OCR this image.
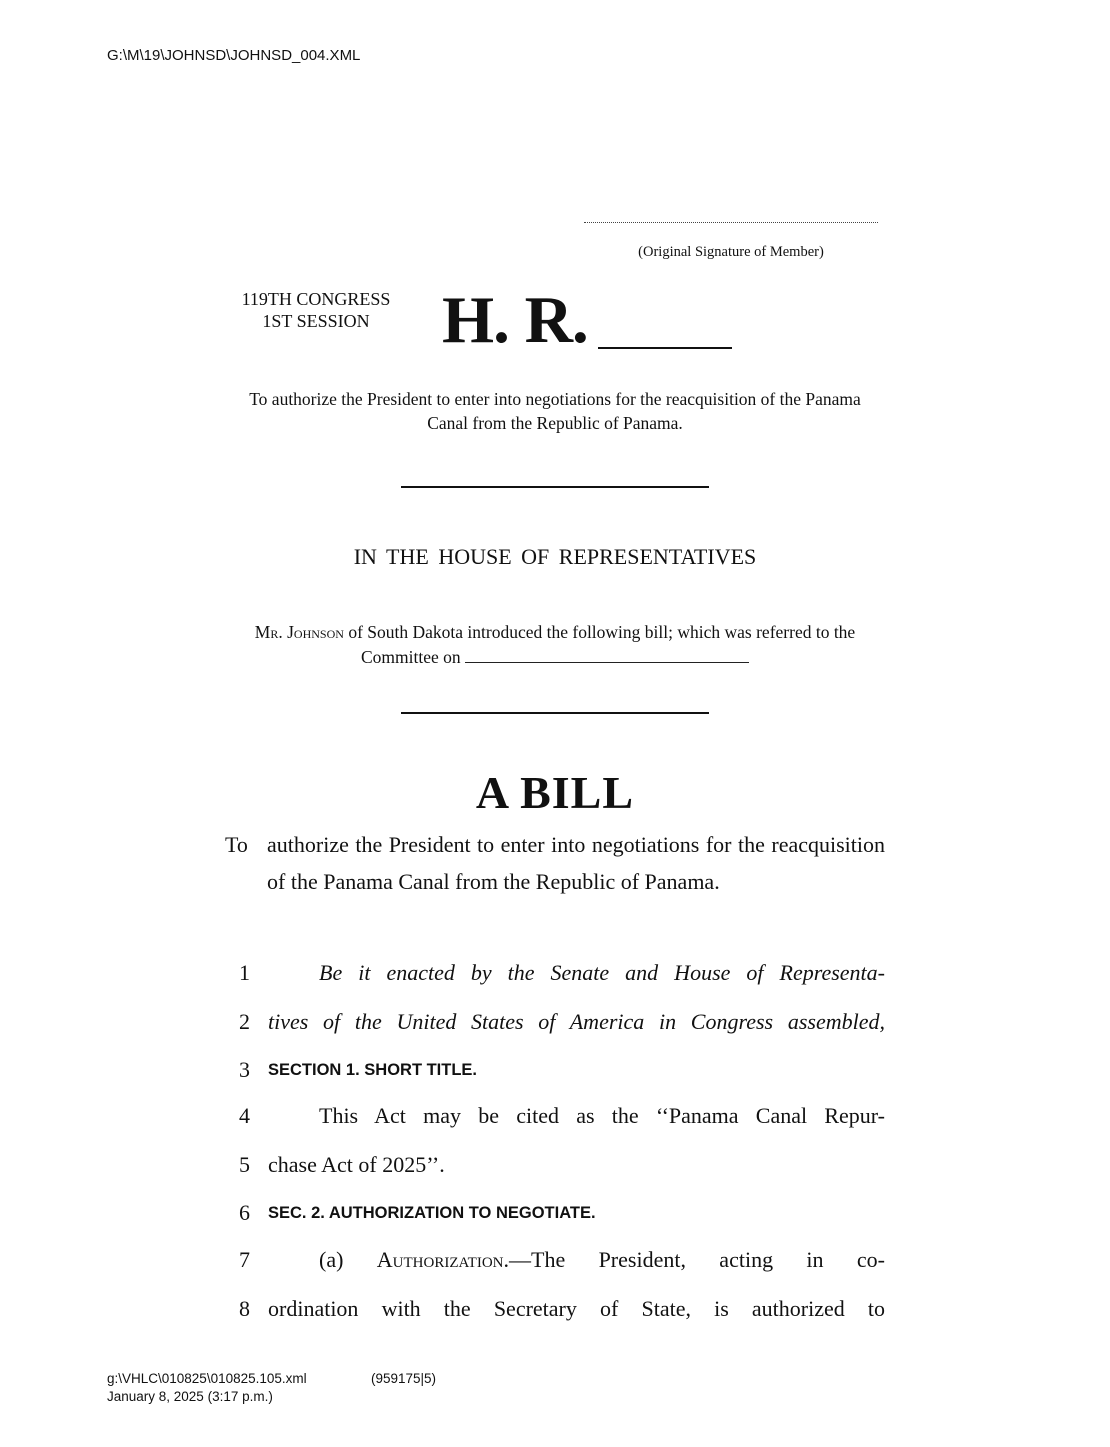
G:\M\19\JOHNSD\JOHNSD_004.XML
(Original Signature of Member)
119TH CONGRESS
1ST SESSION	H. R.
To authorize the President to enter into negotiations for the reacquisition of the Panama Canal from the Republic of Panama.
IN THE HOUSE OF REPRESENTATIVES
Mr. Johnson of South Dakota introduced the following bill; which was referred to the Committee on
A BILL
To authorize the President to enter into negotiations for the reacquisition of the Panama Canal from the Republic of Panama.
1	Be it enacted by the Senate and House of Representa-
2 tives of the United States of America in Congress assembled,
3 SECTION 1. SHORT TITLE.
4	This Act may be cited as the ‘‘Panama Canal Repur-
5 chase Act of 2025’’.
6 SEC. 2. AUTHORIZATION TO NEGOTIATE.
7	(a) Authorization.—The President, acting in co-
8 ordination with the Secretary of State, is authorized to
g:\VHLC\010825\010825.105.xml	(959175|5)
January 8, 2025 (3:17 p.m.)
